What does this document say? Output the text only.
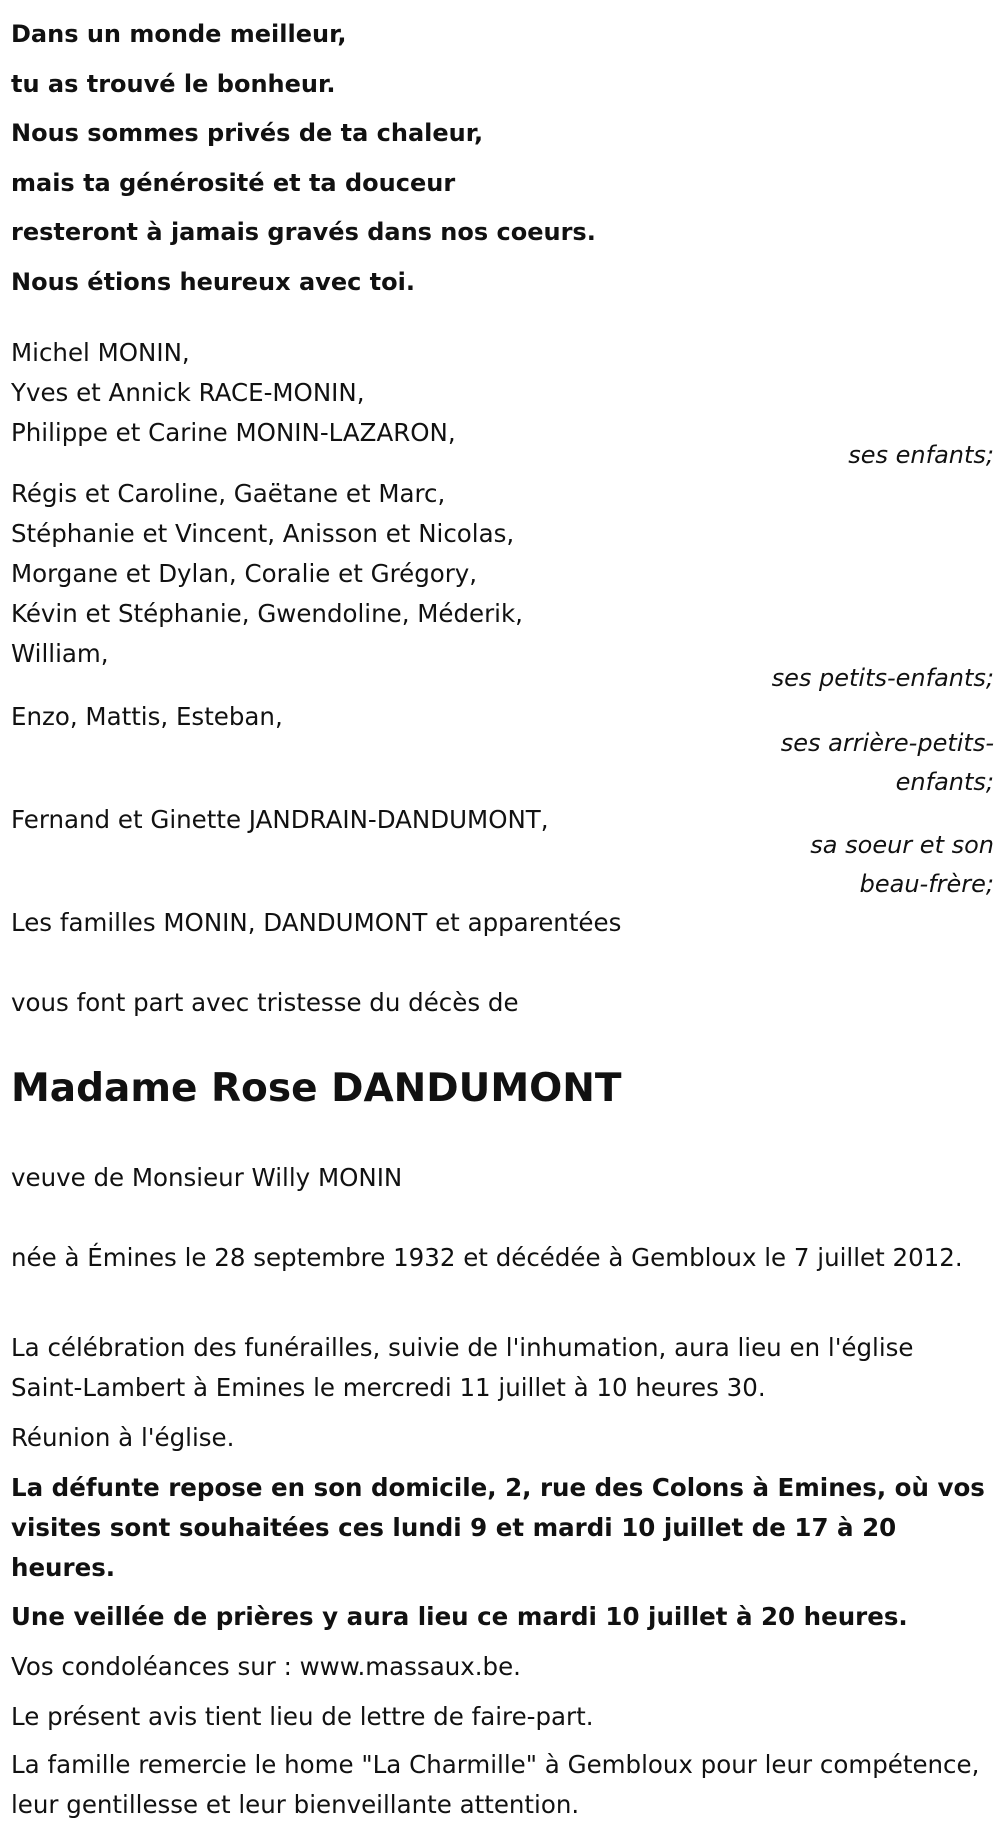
Dans un monde meilleur,
tu as trouvé le bonheur.
Nous sommes privés de ta chaleur,
mais ta générosité et ta douceur
resteront à jamais gravés dans nos coeurs.
Nous étions heureux avec toi.
Michel MONIN,
Yves et Annick RACE-MONIN,
Philippe et Carine MONIN-LAZARON,
ses enfants;
Régis et Caroline, Gaëtane et Marc,
Stéphanie et Vincent, Anisson et Nicolas,
Morgane et Dylan, Coralie et Grégory,
Kévin et Stéphanie, Gwendoline, Méderik,
William,
ses petits-enfants;
Enzo, Mattis, Esteban,
ses arrière-petits-enfants;
Fernand et Ginette JANDRAIN-DANDUMONT,
sa soeur et son beau-frère;
Les familles MONIN, DANDUMONT et apparentées
vous font part avec tristesse du décès de
Madame Rose DANDUMONT
veuve de Monsieur Willy MONIN

née à Émines le 28 septembre 1932 et décédée à Gembloux le 7 juillet 2012.

La célébration des funérailles, suivie de l'inhumation, aura lieu en l'église Saint-Lambert à Emines le mercredi 11 juillet à 10 heures 30.

Réunion à l'église.

La défunte repose en son domicile, 2, rue des Colons à Emines, où vos visites sont souhaitées ces lundi 9 et mardi 10 juillet de 17 à 20 heures.

Une veillée de prières y aura lieu ce mardi 10 juillet à 20 heures.

Vos condoléances sur : www.massaux.be.

Le présent avis tient lieu de lettre de faire-part.

La famille remercie le home "La Charmille" à Gembloux pour leur compétence, leur gentillesse et leur bienveillante attention.
